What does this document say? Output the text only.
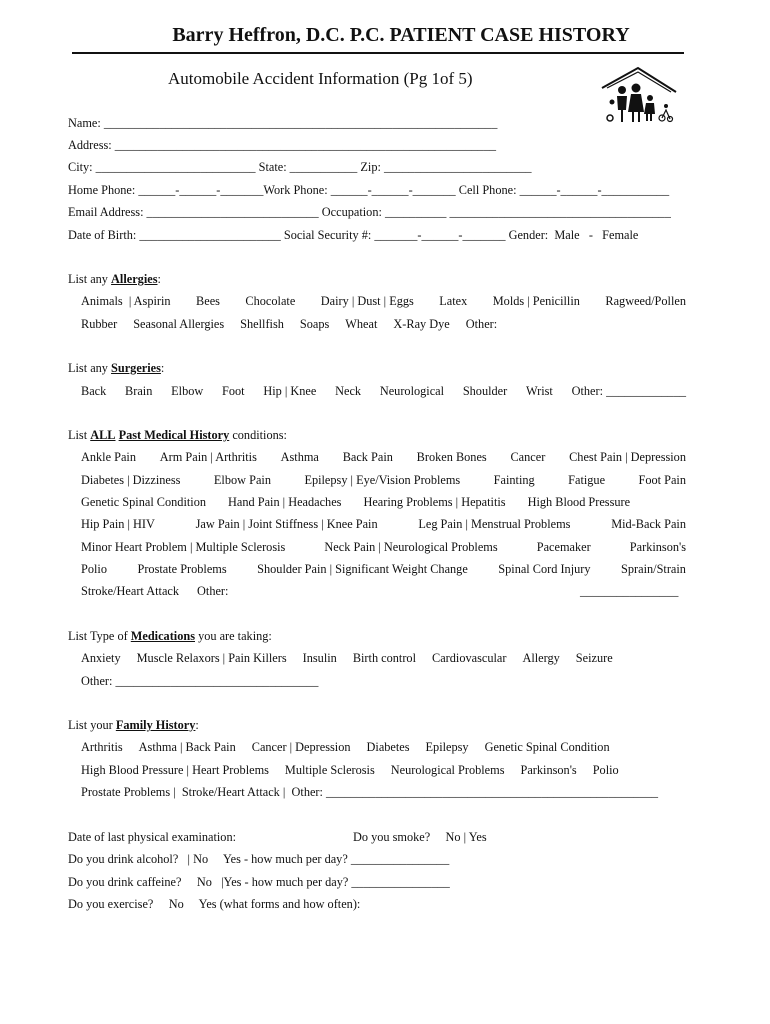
Barry Heffron, D.C. P.C. PATIENT CASE HISTORY
Automobile Accident Information (Pg 1of 5)
Name: ________________________________________________________________
Address: ______________________________________________________________
City: __________________________ State: ___________ Zip: ________________________
Home Phone: ______-______-_______Work Phone: ______-______-_______ Cell Phone: ______-______-___________
Email Address: ____________________________ Occupation: __________ ____________________________________
Date of Birth: _______________________ Social Security #: _______-______-_______ Gender:  Male   -   Female
List any Allergies:
Animals  | Aspirin Bees Chocolate Dairy | Dust | Eggs Latex Molds | Penicillin Ragweed/Pollen
Rubber Seasonal Allergies Shellfish Soaps Wheat X-Ray Dye Other:
List any Surgeries:
Back Brain Elbow Foot Hip | Knee Neck Neurological Shoulder Wrist Other: _____________
List ALL Past Medical History conditions:
Ankle Pain Arm Pain | Arthritis Asthma Back Pain Broken Bones Cancer Chest Pain | Depression
Diabetes | Dizziness	Elbow Pain	Epilepsy | Eye/Vision Problems	Fainting	Fatigue	Foot Pain
Genetic Spinal Condition Hand Pain | Headaches Hearing Problems | Hepatitis High Blood Pressure
Hip Pain | HIV	Jaw Pain | Joint Stiffness | Knee Pain	Leg Pain | Menstrual Problems	Mid-Back Pain
Minor Heart Problem | Multiple Sclerosis	Neck Pain | Neurological Problems	Pacemaker	Parkinson's
Polio Prostate Problems Shoulder Pain | Significant Weight Change Spinal Cord Injury Sprain/Strain
Stroke/Heart Attack Other:	________________
List Type of Medications you are taking:
Anxiety Muscle Relaxors | Pain Killers Insulin Birth control Cardiovascular Allergy Seizure
Other: _________________________________
List your Family History:
Arthritis Asthma | Back Pain Cancer | Depression Diabetes Epilepsy Genetic Spinal Condition
High Blood Pressure | Heart Problems Multiple Sclerosis Neurological Problems Parkinson's Polio
Prostate Problems |  Stroke/Heart Attack |  Other: ______________________________________________________
Date of last physical examination:	Do you smoke?     No | Yes
Do you drink alcohol?   | No     Yes - how much per day? ________________
Do you drink caffeine?     No   |Yes - how much per day? ________________
Do you exercise?     No     Yes (what forms and how often):
